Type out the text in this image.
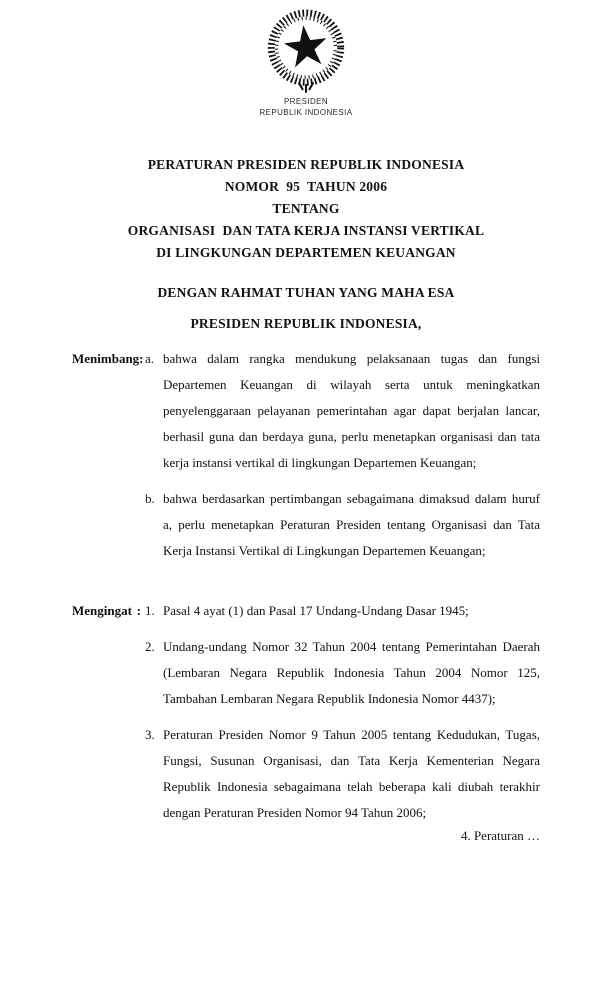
PRESIDEN
REPUBLIK INDONESIA
PERATURAN PRESIDEN REPUBLIK INDONESIA
NOMOR  95  TAHUN 2006
TENTANG
ORGANISASI  DAN TATA KERJA INSTANSI VERTIKAL
DI LINGKUNGAN DEPARTEMEN KEUANGAN
DENGAN RAHMAT TUHAN YANG MAHA ESA
PRESIDEN REPUBLIK INDONESIA,
Menimbang : a. bahwa dalam rangka mendukung pelaksanaan tugas dan fungsi Departemen Keuangan di wilayah serta untuk meningkatkan penyelenggaraan pelayanan pemerintahan agar dapat berjalan lancar, berhasil guna dan berdaya guna, perlu menetapkan organisasi dan tata kerja instansi vertikal di lingkungan Departemen Keuangan;
b. bahwa berdasarkan pertimbangan sebagaimana dimaksud dalam huruf a, perlu menetapkan Peraturan Presiden tentang Organisasi dan Tata Kerja Instansi Vertikal di Lingkungan Departemen Keuangan;
Mengingat : 1. Pasal 4 ayat (1) dan Pasal 17 Undang-Undang Dasar 1945;
2. Undang-undang Nomor 32 Tahun 2004 tentang Pemerintahan Daerah (Lembaran Negara Republik Indonesia Tahun 2004 Nomor 125, Tambahan Lembaran Negara Republik Indonesia Nomor 4437);
3. Peraturan Presiden Nomor 9 Tahun 2005 tentang Kedudukan, Tugas, Fungsi, Susunan Organisasi, dan Tata Kerja Kementerian Negara Republik Indonesia sebagaimana telah beberapa kali diubah terakhir dengan Peraturan Presiden Nomor 94 Tahun 2006;
4. Peraturan …
